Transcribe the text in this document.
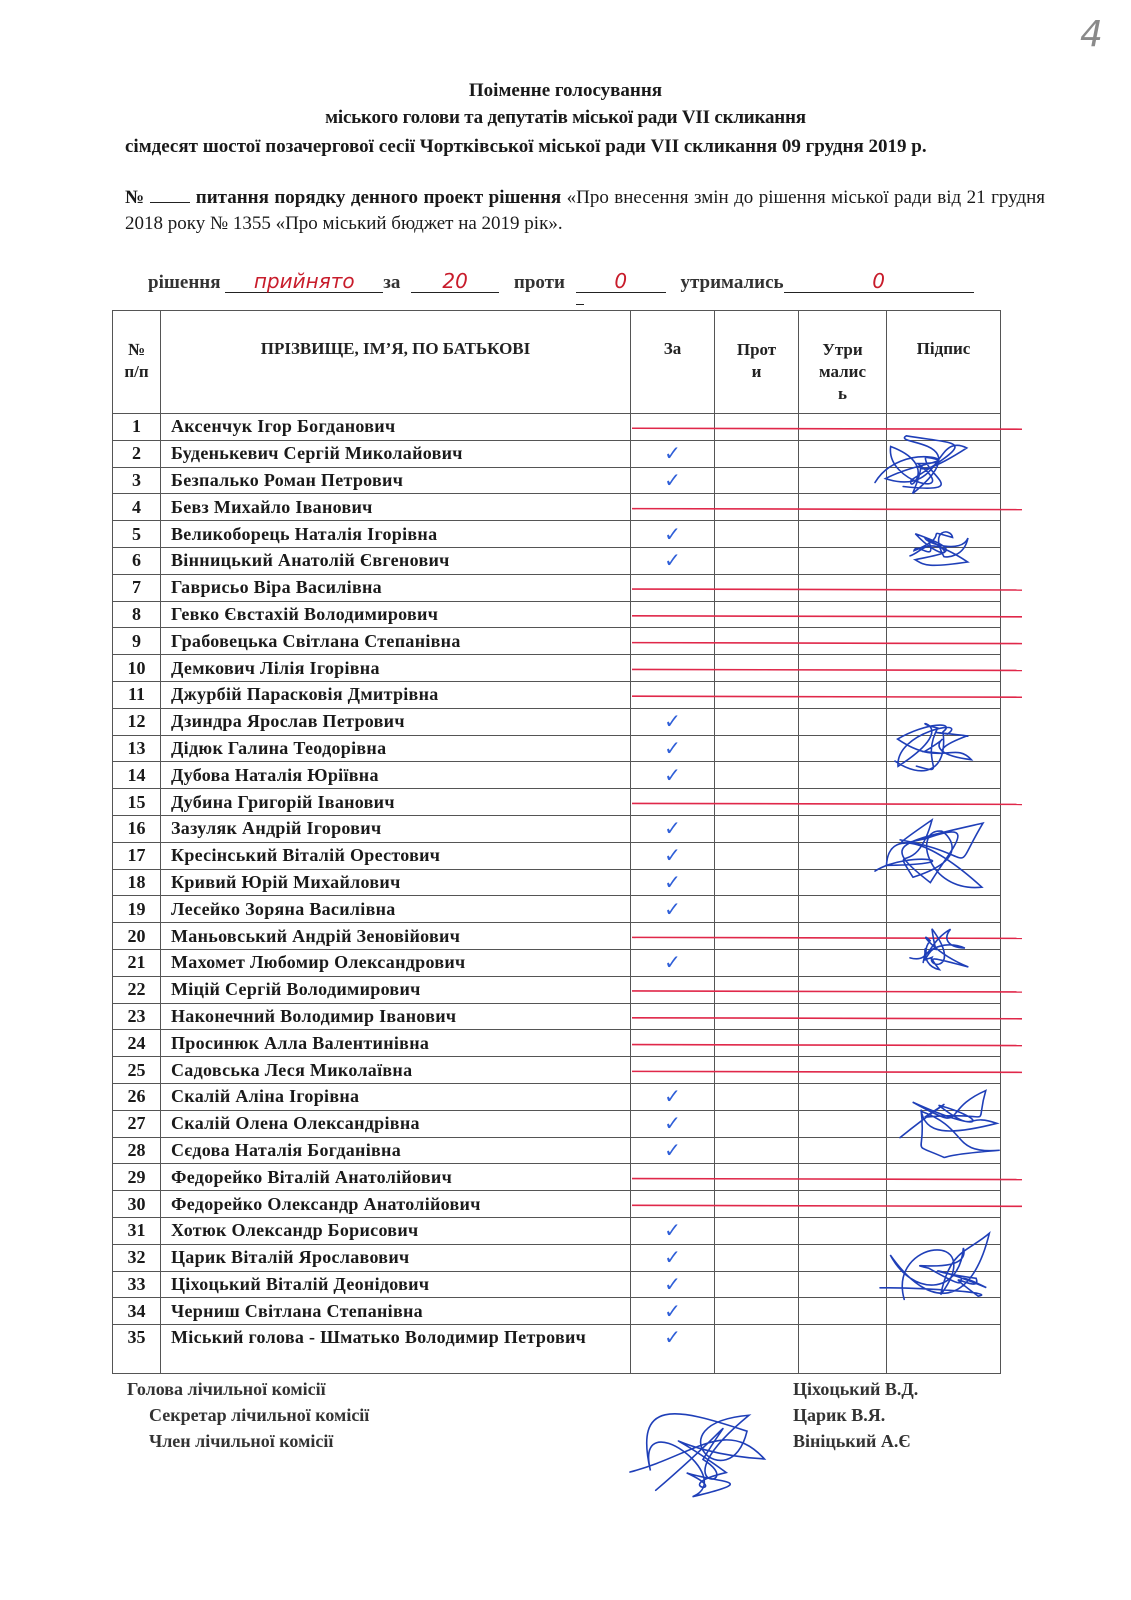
4
Поіменне голосування
міського голови та депутатів міської ради VII скликання
сімдесят шостої позачергової сесії Чортківської міської ради VII скликання 09 грудня 2019 р.
№	питання порядку денного проект рішення «Про внесення змін до рішення міської ради від 21 грудня 2018 року № 1355 «Про міський бюджет на 2019 рік».
рішення прийнято за 20 проти 0	утримались	0
№
п/п	ПРІЗВИЩЕ, ІМ’Я, ПО БАТЬКОВІ	За	Прот
и	Утри
малис
ь	Підпис
1	Аксенчук Ігор Богданович				
2	Буденькевич Сергій Миколайович	✓			

3	Безпалько Роман Петрович	✓			

4	Бевз Михайло Іванович				
5	Великоборець Наталія Ігорівна	✓			

6	Вінницький Анатолій Євгенович	✓			

7	Гаврисьо Віра Василівна				
8	Гевко Євстахій Володимирович				
9	Грабовецька Світлана Степанівна				
10	Демкович Лілія Ігорівна				
11	Джурбій Парасковія Дмитрівна				
12	Дзиндра Ярослав Петрович	✓			

13	Дідюк Галина Теодорівна	✓			

14	Дубова Наталія Юріївна	✓			

15	Дубина Григорій Іванович				
16	Зазуляк Андрій Ігорович	✓			

17	Кресінський Віталій Орестович	✓			

18	Кривий Юрій Михайлович	✓			

19	Лесейко Зоряна Василівна	✓			

20	Маньовський Андрій Зеновійович				
21	Махомет Любомир Олександрович	✓			

22	Міцій Сергій Володимирович				
23	Наконечний Володимир Іванович				
24	Просинюк Алла Валентинівна				
25	Садовська Леся Миколаївна				
26	Скалій Аліна Ігорівна	✓			

27	Скалій Олена Олександрівна	✓			

28	Сєдова Наталія Богданівна	✓			

29	Федорейко Віталій Анатолійович				
30	Федорейко Олександр Анатолійович				
31	Хотюк Олександр Борисович	✓			

32	Царик Віталій Ярославович	✓			

33	Ціхоцький Віталій Деонідович	✓			

34	Черниш Світлана Степанівна	✓			

35	Міський голова - Шматько Володимир Петрович	✓			

Голова лічильної комісії
Секретар лічильної комісії
Член лічильної комісії
Ціхоцький В.Д.
Царик В.Я.
Вініцький А.Є
